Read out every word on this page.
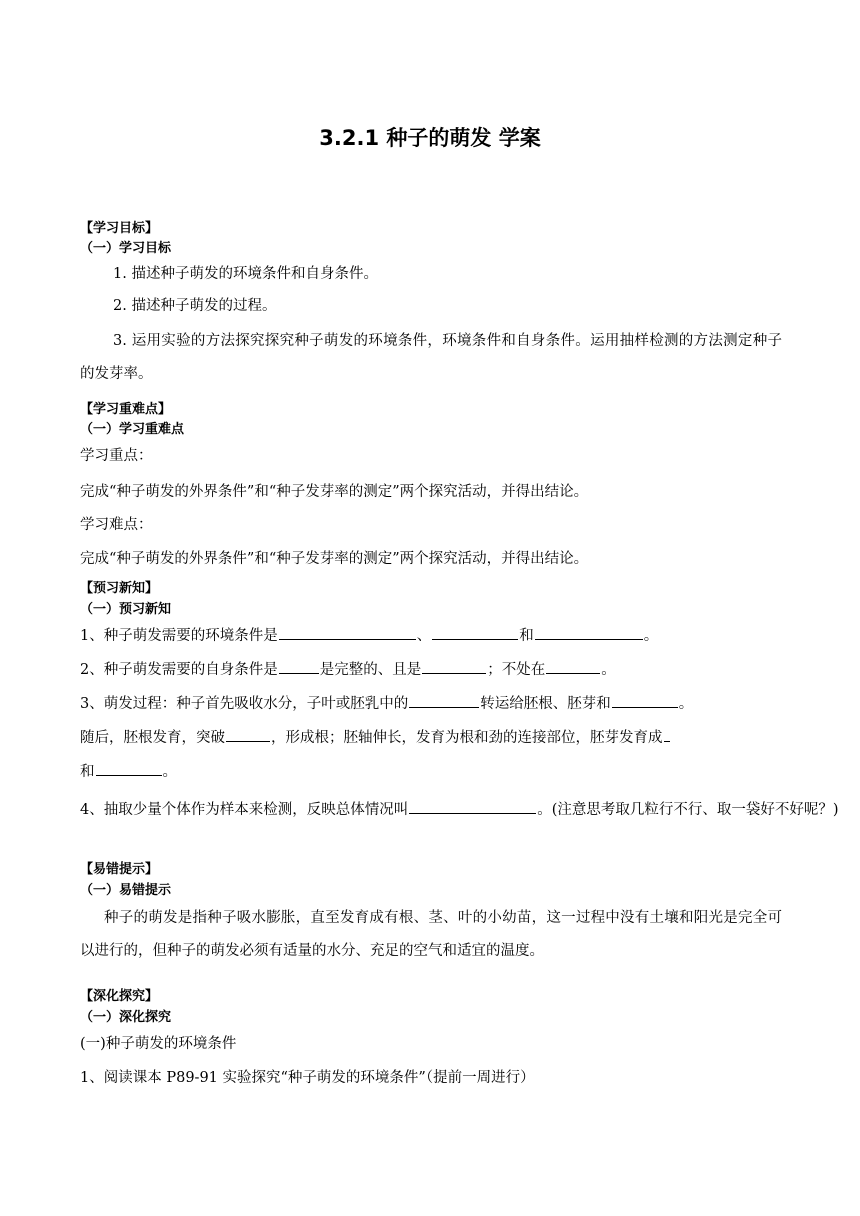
3.2.1 种子的萌发 学案
【学习目标】
（一）学习目标
1. 描述种子萌发的环境条件和自身条件。
2. 描述种子萌发的过程。
3. 运用实验的方法探究探究种子萌发的环境条件，环境条件和自身条件。运用抽样检测的方法测定种子的发芽率。
【学习重难点】
（一）学习重难点
学习重点：
完成“种子萌发的外界条件”和“种子发芽率的测定”两个探究活动，并得出结论。
学习难点：
完成“种子萌发的外界条件”和“种子发芽率的测定”两个探究活动，并得出结论。
【预习新知】
（一）预习新知
1、种子萌发需要的环境条件是	、	和	。
2、种子萌发需要的自身条件是	是完整的、且是	；不处在	。
3、萌发过程：种子首先吸收水分，子叶或胚乳中的	转运给胚根、胚芽和	。
随后，胚根发育，突破	，形成根；胚轴伸长，发育为根和劲的连接部位，胚芽发育成
和	。
4、抽取少量个体作为样本来检测，反映总体情况叫	。(注意思考取几粒行不行、取一袋好不好呢？)
【易错提示】
（一）易错提示
种子的萌发是指种子吸水膨胀，直至发育成有根、茎、叶的小幼苗，这一过程中没有土壤和阳光是完全可以进行的，但种子的萌发必须有适量的水分、充足的空气和适宜的温度。
【深化探究】
（一）深化探究
(一)种子萌发的环境条件
1、阅读课本 P89-91 实验探究“种子萌发的环境条件”（提前一周进行）
